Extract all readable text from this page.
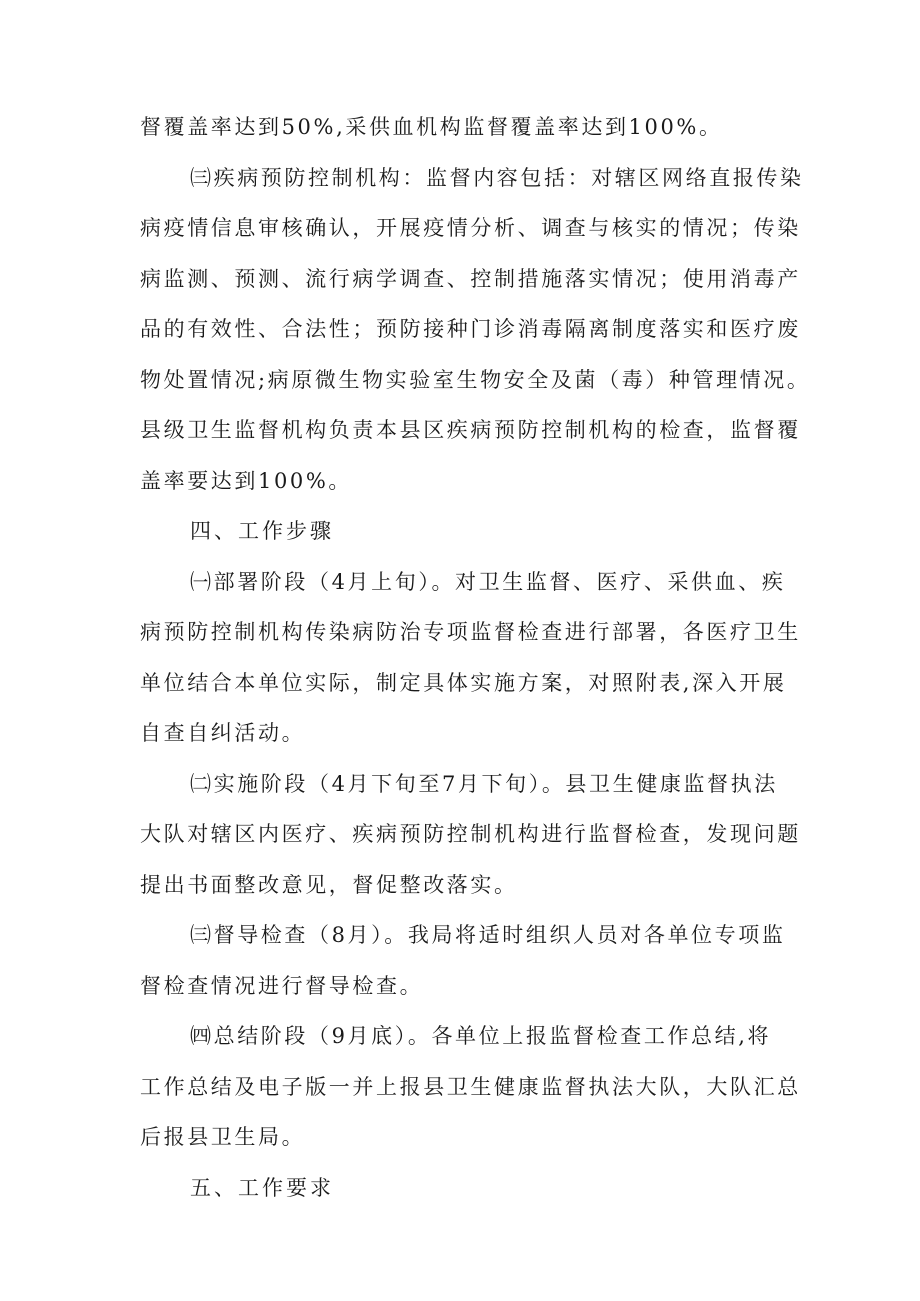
督覆盖率达到50%,采供血机构监督覆盖率达到100%。
㈢疾病预防控制机构：监督内容包括：对辖区网络直报传染
病疫情信息审核确认，开展疫情分析、调查与核实的情况；传染
病监测、预测、流行病学调查、控制措施落实情况；使用消毒产
品的有效性、合法性；预防接种门诊消毒隔离制度落实和医疗废
物处置情况;病原微生物实验室生物安全及菌（毒）种管理情况。
县级卫生监督机构负责本县区疾病预防控制机构的检查，监督覆
盖率要达到100%。
四、工作步骤
㈠部署阶段（4月上旬）。对卫生监督、医疗、采供血、疾
病预防控制机构传染病防治专项监督检查进行部署，各医疗卫生
单位结合本单位实际，制定具体实施方案，对照附表,深入开展
自查自纠活动。
㈡实施阶段（4月下旬至7月下旬）。县卫生健康监督执法
大队对辖区内医疗、疾病预防控制机构进行监督检查，发现问题
提出书面整改意见，督促整改落实。
㈢督导检查（8月）。我局将适时组织人员对各单位专项监
督检查情况进行督导检查。
㈣总结阶段（9月底）。各单位上报监督检查工作总结,将
工作总结及电子版一并上报县卫生健康监督执法大队，大队汇总
后报县卫生局。
五、工作要求
